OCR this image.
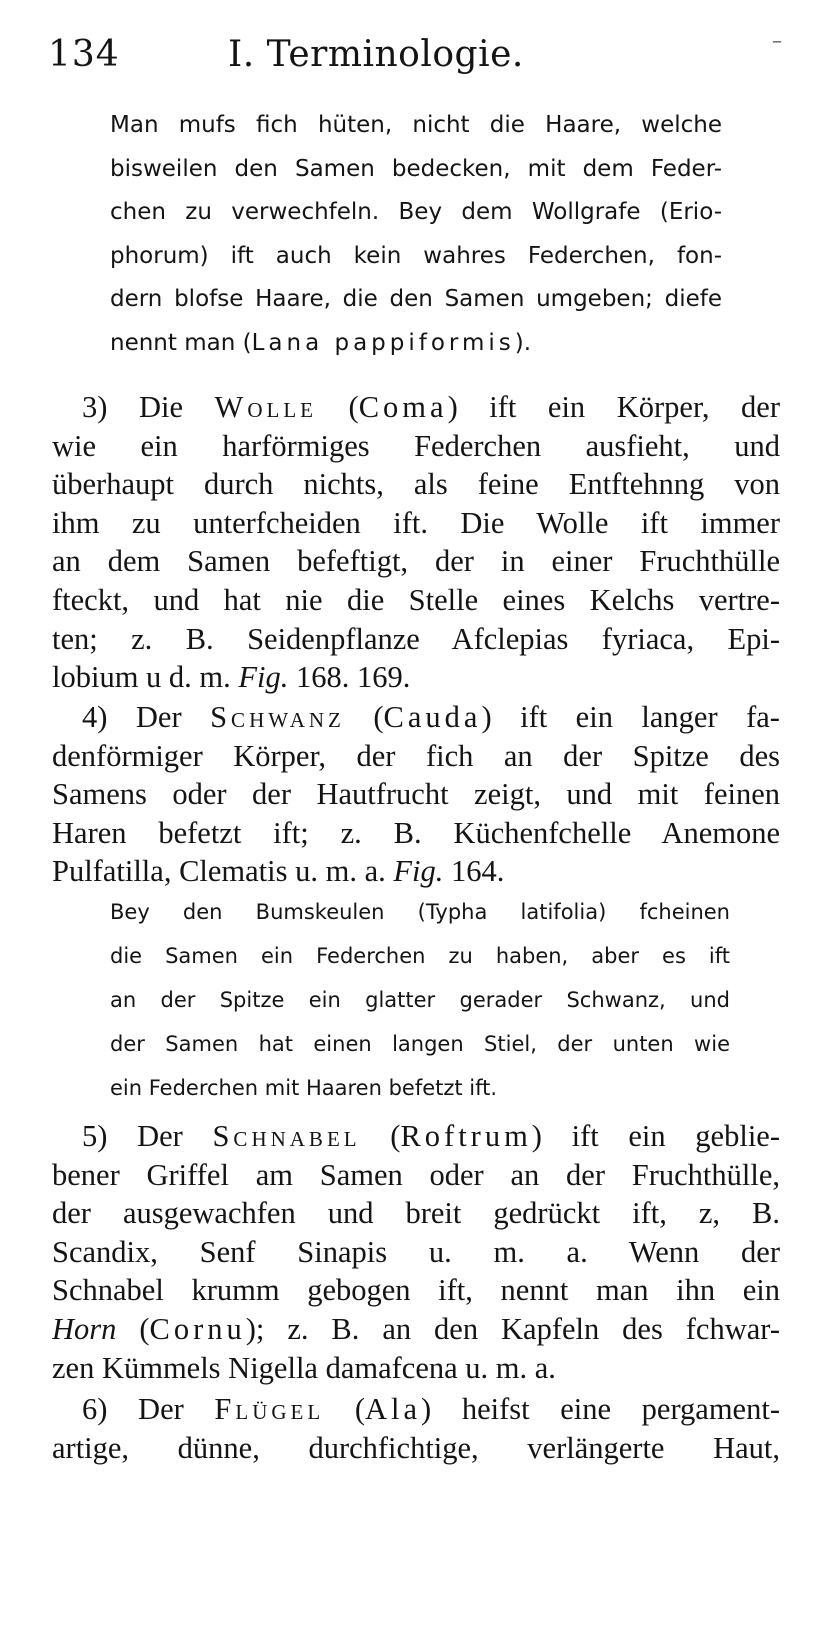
134	I. Terminologie.	–
Man mufs fich hüten, nicht die Haare, welche
bisweilen den Samen bedecken, mit dem Feder-
chen zu verwechfeln. Bey dem Wollgrafe (Erio-
phorum) ift auch kein wahres Federchen, fon-
dern blofse Haare, die den Samen umgeben; diefe
nennt man (Lana pappiformis).
3) Die Wolle (Coma) ift ein Körper, der
wie ein harförmiges Federchen ausfieht, und
überhaupt durch nichts, als feine Entftehnng von
ihm zu unterfcheiden ift. Die Wolle ift immer
an dem Samen befeftigt, der in einer Fruchthülle
fteckt, und hat nie die Stelle eines Kelchs vertre-
ten; z. B. Seidenpflanze Afclepias fyriaca, Epi-
lobium u d. m. Fig. 168. 169.
4) Der Schwanz (Cauda) ift ein langer fa-
denförmiger Körper, der fich an der Spitze des
Samens oder der Hautfrucht zeigt, und mit feinen
Haren befetzt ift; z. B. Küchenfchelle Anemone
Pulfatilla, Clematis u. m. a. Fig. 164.
Bey den Bumskeulen (Typha latifolia) fcheinen
die Samen ein Federchen zu haben, aber es ift
an der Spitze ein glatter gerader Schwanz, und
der Samen hat einen langen Stiel, der unten wie
ein Federchen mit Haaren befetzt ift.
5) Der Schnabel (Roftrum) ift ein geblie-
bener Griffel am Samen oder an der Fruchthülle,
der ausgewachfen und breit gedrückt ift, z, B.
Scandix, Senf Sinapis u. m. a. Wenn der
Schnabel krumm gebogen ift, nennt man ihn ein
Horn (Cornu); z. B. an den Kapfeln des fchwar-
zen Kümmels Nigella damafcena u. m. a.
6) Der Flügel (Ala) heifst eine pergament-
artige, dünne, durchfichtige, verlängerte Haut,
